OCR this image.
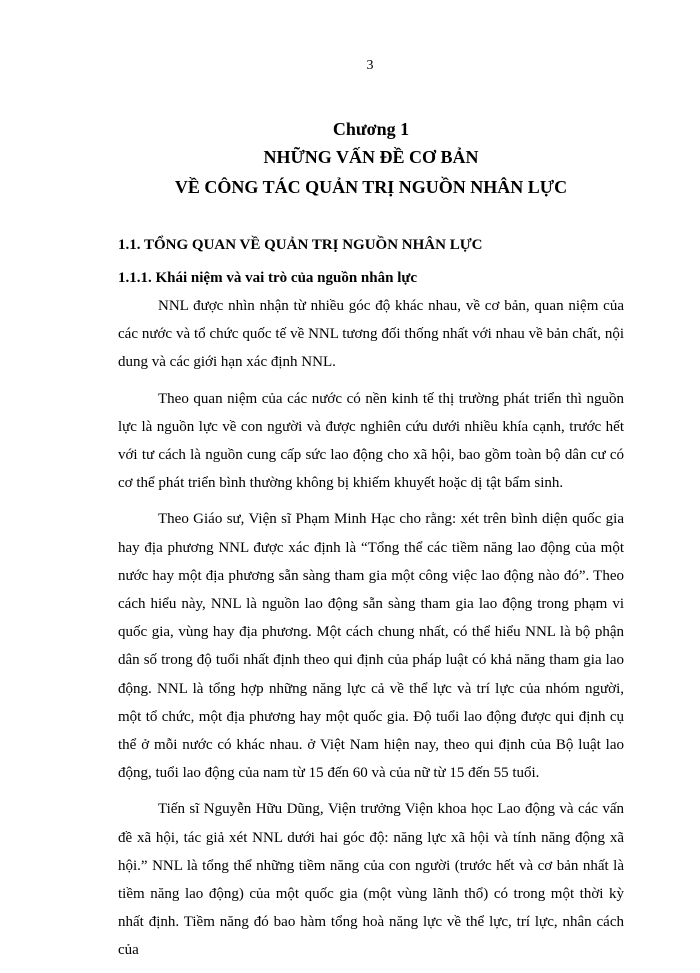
3

Chương 1

NHỮNG VẤN ĐỀ CƠ BẢN

VỀ CÔNG TÁC QUẢN TRỊ NGUỒN NHÂN LỰC

1.1. TỔNG QUAN VỀ QUẢN TRỊ NGUỒN NHÂN LỰC
1.1.1. Khái niệm và vai trò của nguồn nhân lực

NNL được nhìn nhận từ nhiều góc độ khác nhau, về cơ bản, quan niệm của các nước và tổ chức quốc tế về NNL tương đối thống nhất với nhau về bản chất, nội dung và các giới hạn xác định NNL.

Theo quan niệm của các nước có nền kinh tế thị trường phát triển thì nguồn lực là nguồn lực về con người và được nghiên cứu dưới nhiều khía cạnh, trước hết với tư cách là nguồn cung cấp sức lao động cho xã hội, bao gồm toàn bộ dân cư có cơ thể phát triển bình thường không bị khiếm khuyết hoặc dị tật bẩm sinh.

Theo Giáo sư, Viện sĩ Phạm Minh Hạc cho rằng: xét trên bình diện quốc gia hay địa phương NNL được xác định là “Tổng thể các tiềm năng lao động của một nước hay một địa phương sẵn sàng tham gia một công việc lao động nào đó”. Theo cách hiểu này, NNL là nguồn lao động sẵn sàng tham gia lao động trong phạm vi quốc gia, vùng hay địa phương. Một cách chung nhất, có thể hiểu NNL là bộ phận dân số trong độ tuổi nhất định theo qui định của pháp luật có khả năng tham gia lao động. NNL là tổng hợp những năng lực cả về thể lực và trí lực của nhóm người, một tổ chức, một địa phương hay một quốc gia. Độ tuổi lao động được qui định cụ thể ở mỗi nước có khác nhau. ở Việt Nam hiện nay, theo qui định của Bộ luật lao động, tuổi lao động của nam từ 15 đến 60 và của nữ từ 15 đến 55 tuổi.

Tiến sĩ Nguyễn Hữu Dũng, Viện trưởng Viện khoa học Lao động và các vấn đề xã hội, tác giả xét NNL dưới hai góc độ: năng lực xã hội và tính năng động xã hội.” NNL là tổng thể những tiềm năng của con người (trước hết và cơ bản nhất là tiềm năng lao động) của một quốc gia (một vùng lãnh thổ) có trong một thời kỳ nhất định. Tiềm năng đó bao hàm tổng hoà năng lực về thể lực, trí lực, nhân cách của
